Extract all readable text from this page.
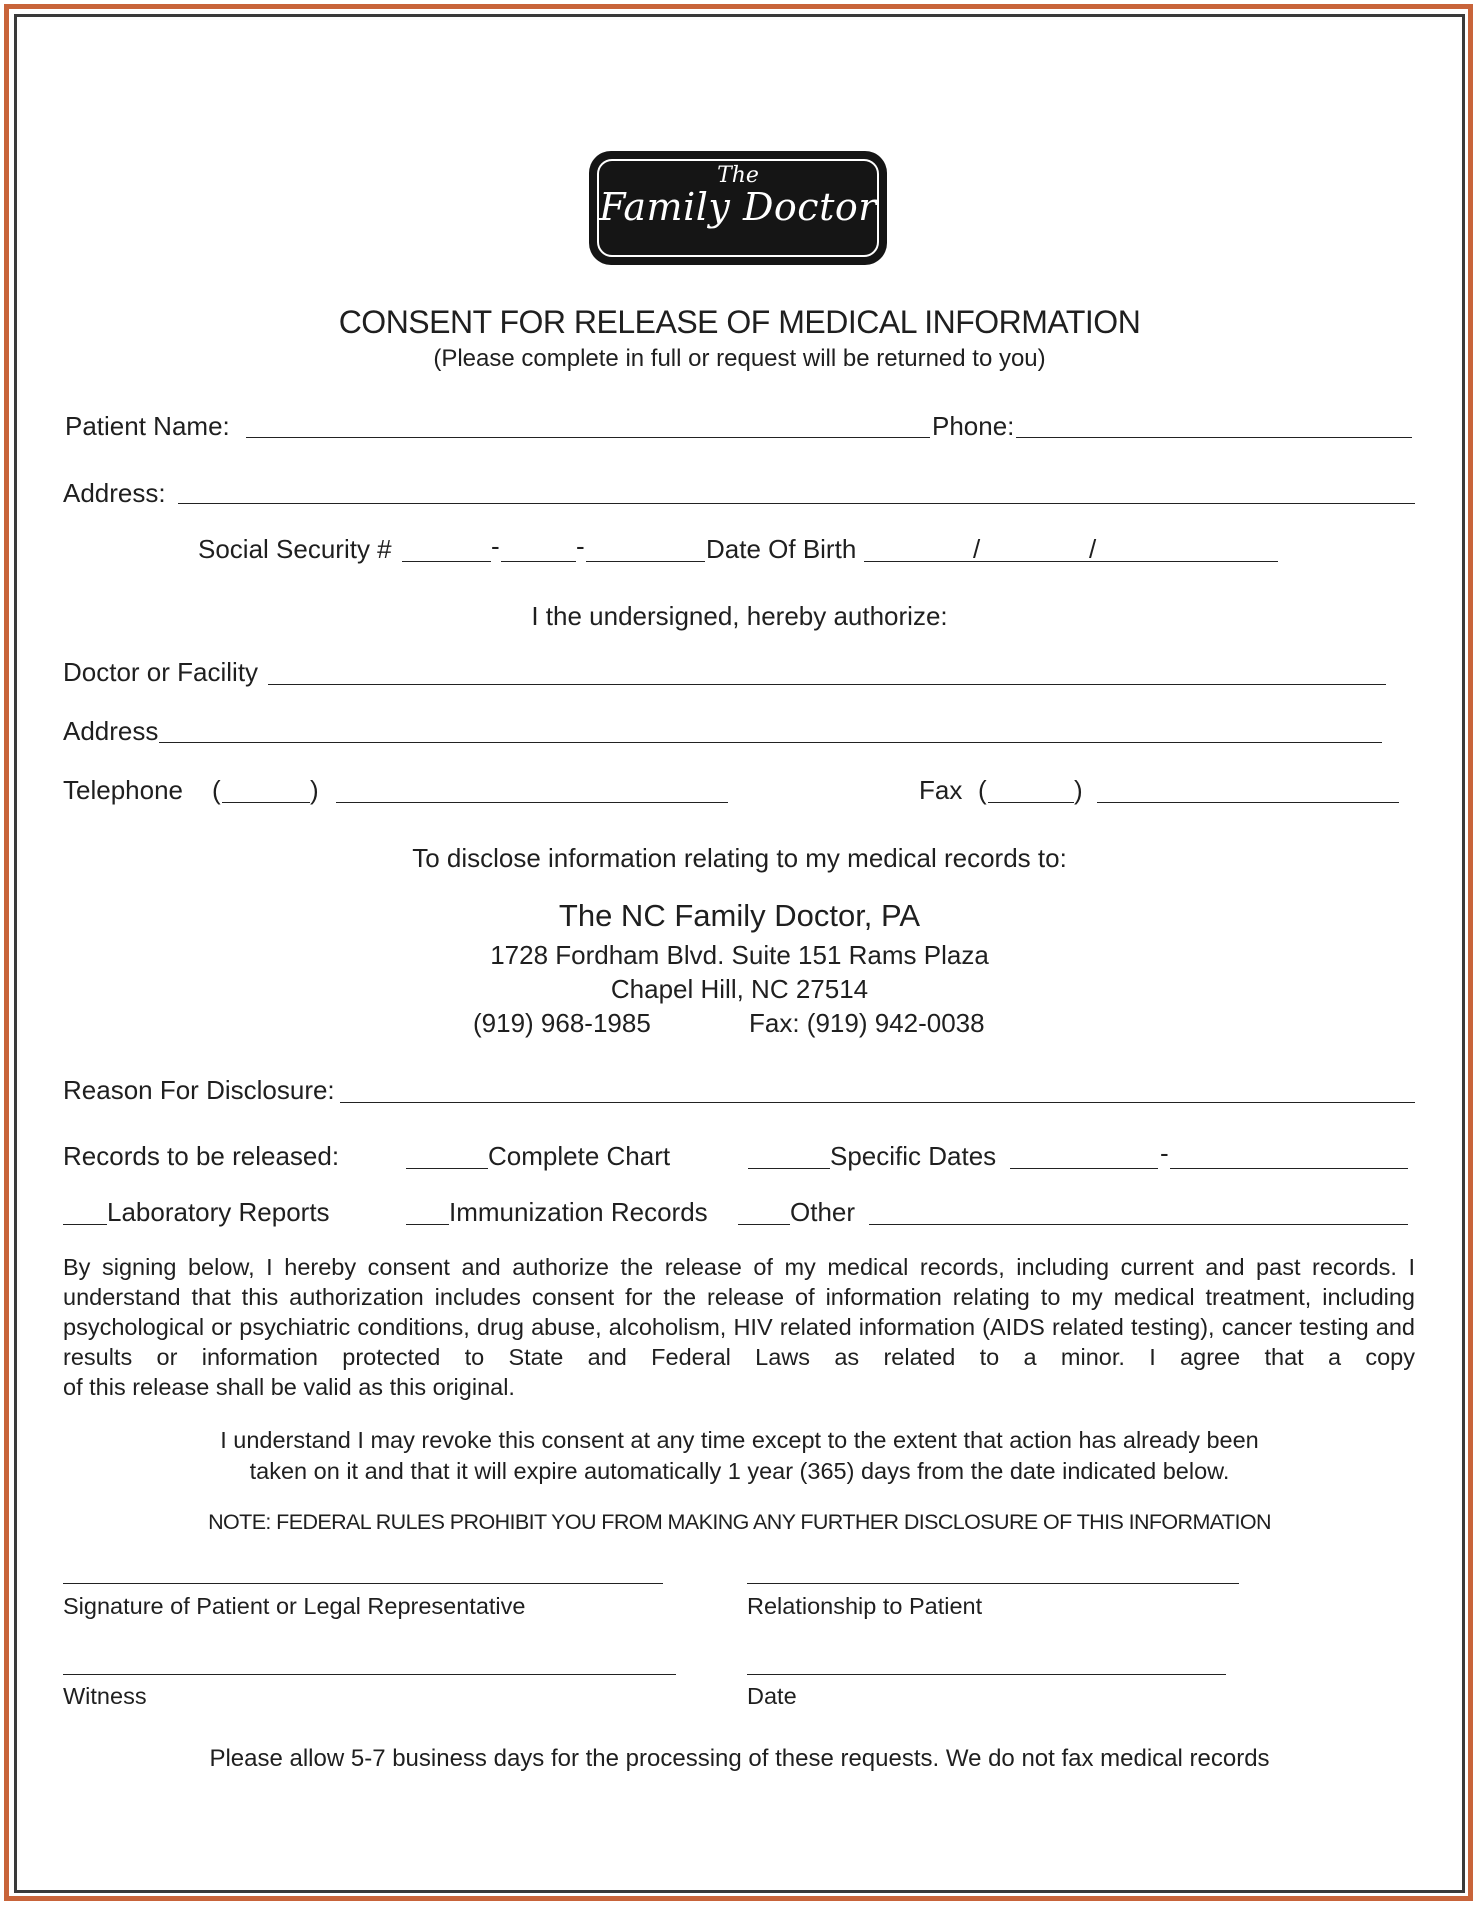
The
Family Doctor
CONSENT FOR RELEASE OF MEDICAL INFORMATION
(Please complete in full or request will be returned to you)
Patient Name:	Phone:
Address:
Social Security #	-	-	Date Of Birth	/	/
I the undersigned, hereby authorize:
Doctor or Facility
Address
Telephone (	)	Fax (	)
To disclose information relating to my medical records to:
The NC Family Doctor, PA
1728 Fordham Blvd. Suite 151 Rams Plaza
Chapel Hill, NC 27514
(919) 968-1985	Fax: (919) 942-0038
Reason For Disclosure:
Records to be released:	Complete Chart	Specific Dates	-
Laboratory Reports	Immunization Records	Other
By signing below, I hereby consent and authorize the release of my medical records, including current and past records. I understand that this authorization includes consent for the release of information relating to my medical treatment, including psychological or psychiatric conditions, drug abuse, alcoholism, HIV related information (AIDS related testing), cancer testing and results or information protected to State and Federal Laws as related to a minor. I agree that a copy
of this release shall be valid as this original.
I understand I may revoke this consent at any time except to the extent that action has already been
taken on it and that it will expire automatically 1 year (365) days from the date indicated below.
NOTE: FEDERAL RULES PROHIBIT YOU FROM MAKING ANY FURTHER DISCLOSURE OF THIS INFORMATION
Signature of Patient or Legal Representative	Relationship to Patient
Witness	Date
Please allow 5-7 business days for the processing of these requests. We do not fax medical records
